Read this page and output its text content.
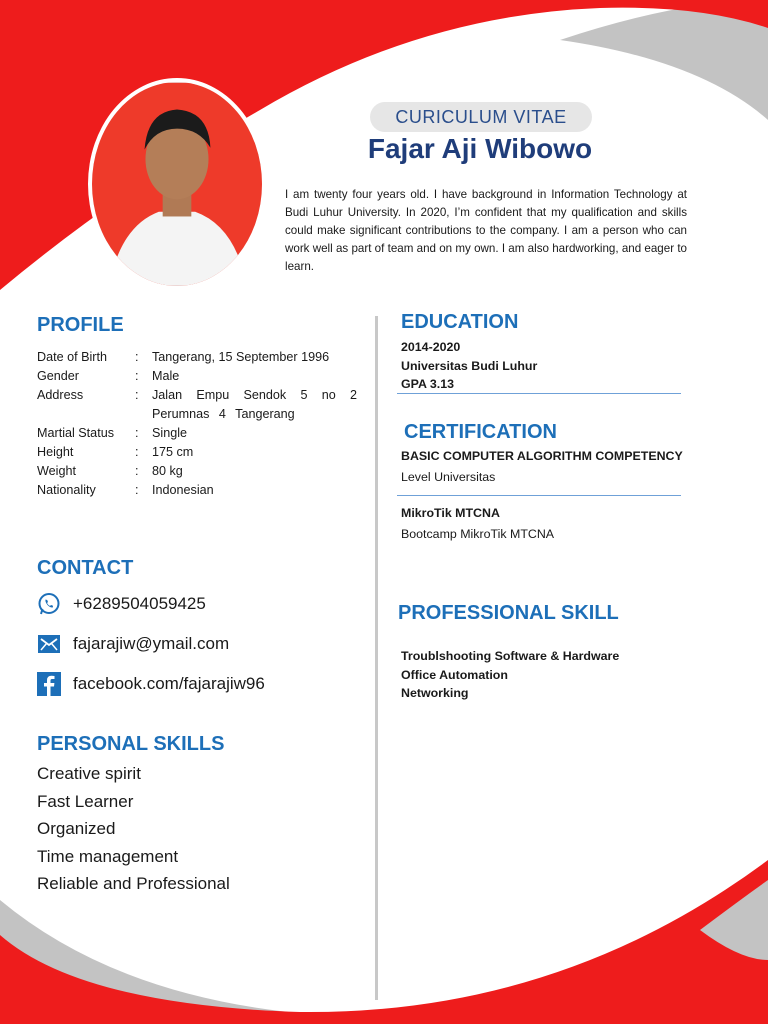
CURICULUM VITAE
Fajar Aji Wibowo
I am twenty four years old. I have background in Information Technology at Budi Luhur University. In 2020, I’m confident that my qualification and skills could make significant contributions to the company. I am a person who can work well as part of team and on my own. I am also hardworking, and eager to learn.
PROFILE
Date of Birth	:	Tangerang, 15 September 1996
Gender	:	Male
Address	:	Jalan Empu Sendok 5 no 2 Perumnas 4 Tangerang
Martial Status	:	Single
Height	:	175 cm
Weight	:	80 kg
Nationality	:	Indonesian
CONTACT
+6289504059425
fajarajiw@ymail.com
facebook.com/fajarajiw96
PERSONAL SKILLS
Creative spirit
Fast Learner
Organized
Time management
Reliable and Professional
EDUCATION
2014-2020
Universitas Budi Luhur
GPA 3.13
CERTIFICATION
BASIC COMPUTER ALGORITHM COMPETENCY
Level Universitas
MikroTik MTCNA
Bootcamp MikroTik MTCNA
PROFESSIONAL SKILL
Troublshooting Software & Hardware
Office Automation
Networking
